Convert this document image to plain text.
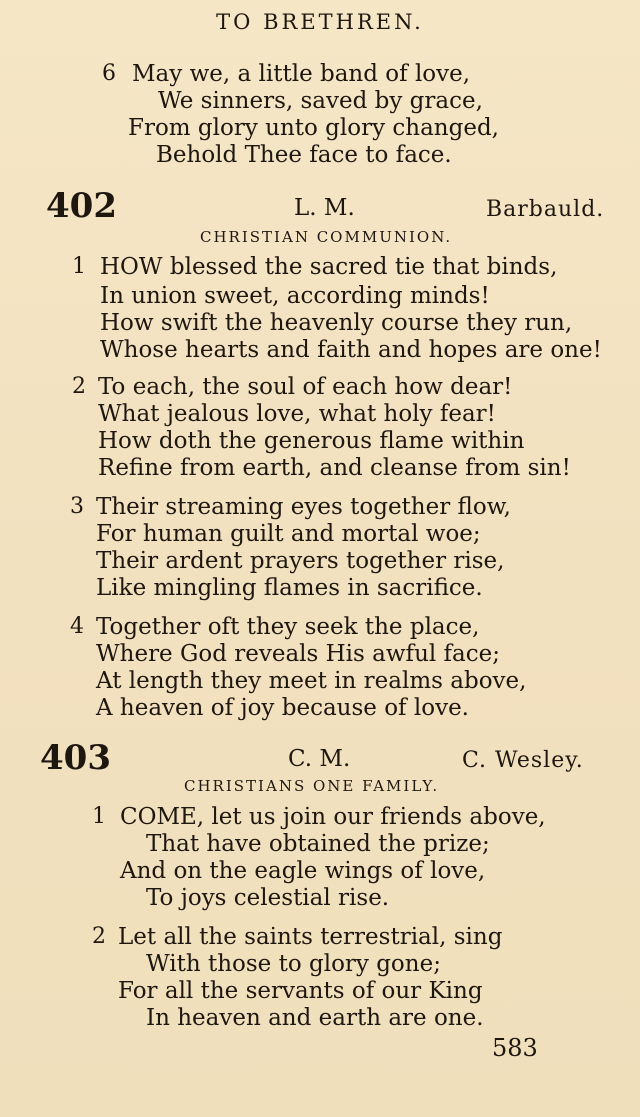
TO BRETHREN.
6 May we, a little band of love,
We sinners, saved by grace,
From glory unto glory changed,
Behold Thee face to face.
402	L. M.	Barbauld.
CHRISTIAN COMMUNION.
1 HOW blessed the sacred tie that binds,
In union sweet, according minds!
How swift the heavenly course they run,
Whose hearts and faith and hopes are one!
2 To each, the soul of each how dear!
What jealous love, what holy fear!
How doth the generous flame within
Refine from earth, and cleanse from sin!
3 Their streaming eyes together flow,
For human guilt and mortal woe;
Their ardent prayers together rise,
Like mingling flames in sacrifice.
4 Together oft they seek the place,
Where God reveals His awful face;
At length they meet in realms above,
A heaven of joy because of love.
403	C. M.	C. Wesley.
CHRISTIANS ONE FAMILY.
1 COME, let us join our friends above,
That have obtained the prize;
And on the eagle wings of love,
To joys celestial rise.
2 Let all the saints terrestrial, sing
With those to glory gone;
For all the servants of our King
In heaven and earth are one.
583
